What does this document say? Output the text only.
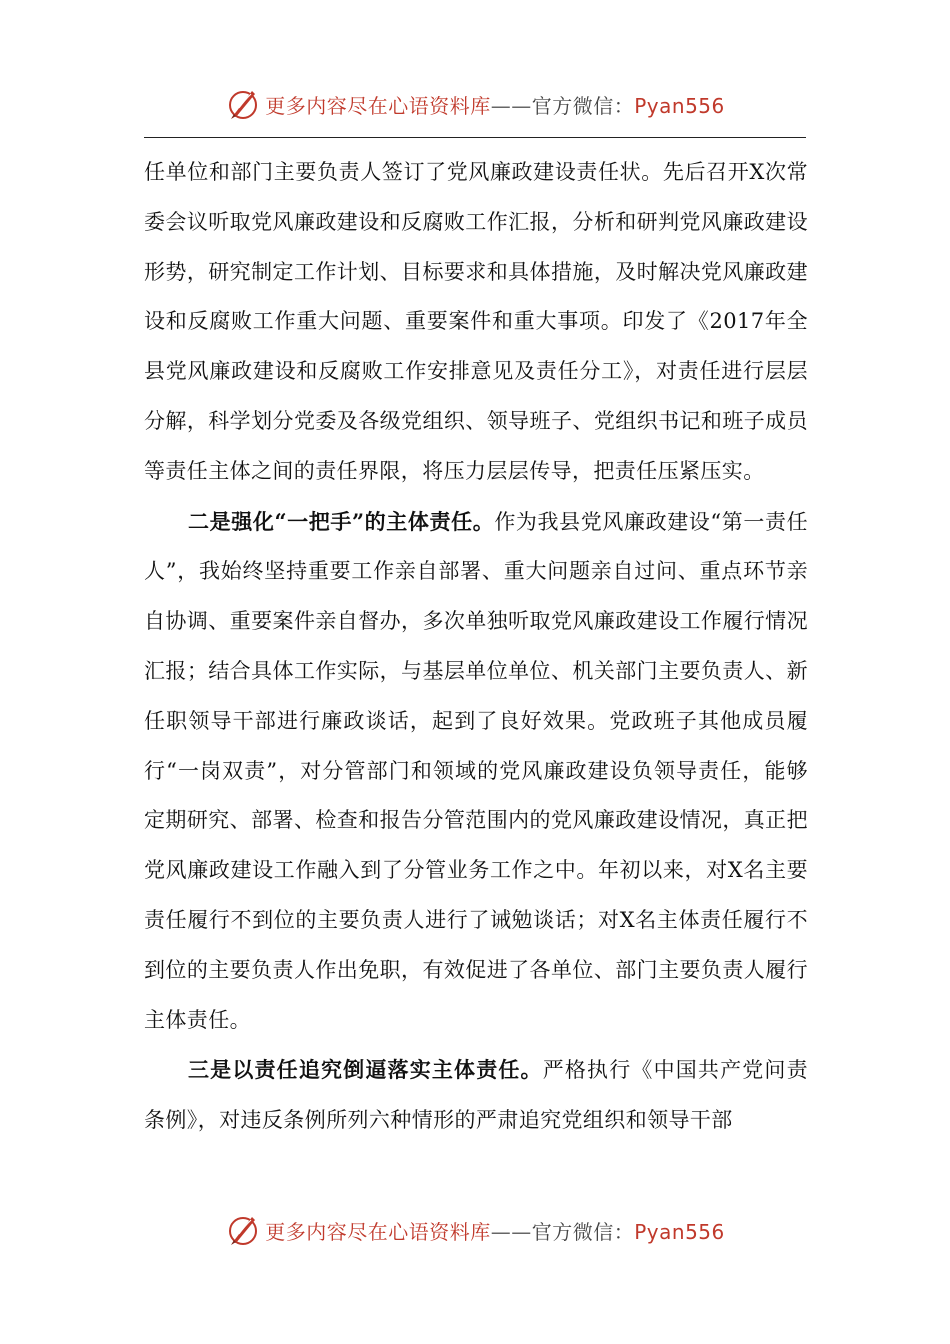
更多内容尽在心语资料库——官方微信：Pyan556

任单位和部门主要负责人签订了党风廉政建设责任状。先后召开X次常委会议听取党风廉政建设和反腐败工作汇报，分析和研判党风廉政建设形势，研究制定工作计划、目标要求和具体措施，及时解决党风廉政建设和反腐败工作重大问题、重要案件和重大事项。印发了《2017年全县党风廉政建设和反腐败工作安排意见及责任分工》，对责任进行层层分解，科学划分党委及各级党组织、领导班子、党组织书记和班子成员等责任主体之间的责任界限，将压力层层传导，把责任压紧压实。

二是强化“一把手”的主体责任。作为我县党风廉政建设“第一责任人”，我始终坚持重要工作亲自部署、重大问题亲自过问、重点环节亲自协调、重要案件亲自督办，多次单独听取党风廉政建设工作履行情况汇报；结合具体工作实际，与基层单位单位、机关部门主要负责人、新任职领导干部进行廉政谈话，起到了良好效果。党政班子其他成员履行“一岗双责”，对分管部门和领域的党风廉政建设负领导责任，能够定期研究、部署、检查和报告分管范围内的党风廉政建设情况，真正把党风廉政建设工作融入到了分管业务工作之中。年初以来，对X名主要责任履行不到位的主要负责人进行了诫勉谈话；对X名主体责任履行不到位的主要负责人作出免职，有效促进了各单位、部门主要负责人履行主体责任。

三是以责任追究倒逼落实主体责任。严格执行《中国共产党问责条例》，对违反条例所列六种情形的严肃追究党组织和领导干部

更多内容尽在心语资料库——官方微信：Pyan556
